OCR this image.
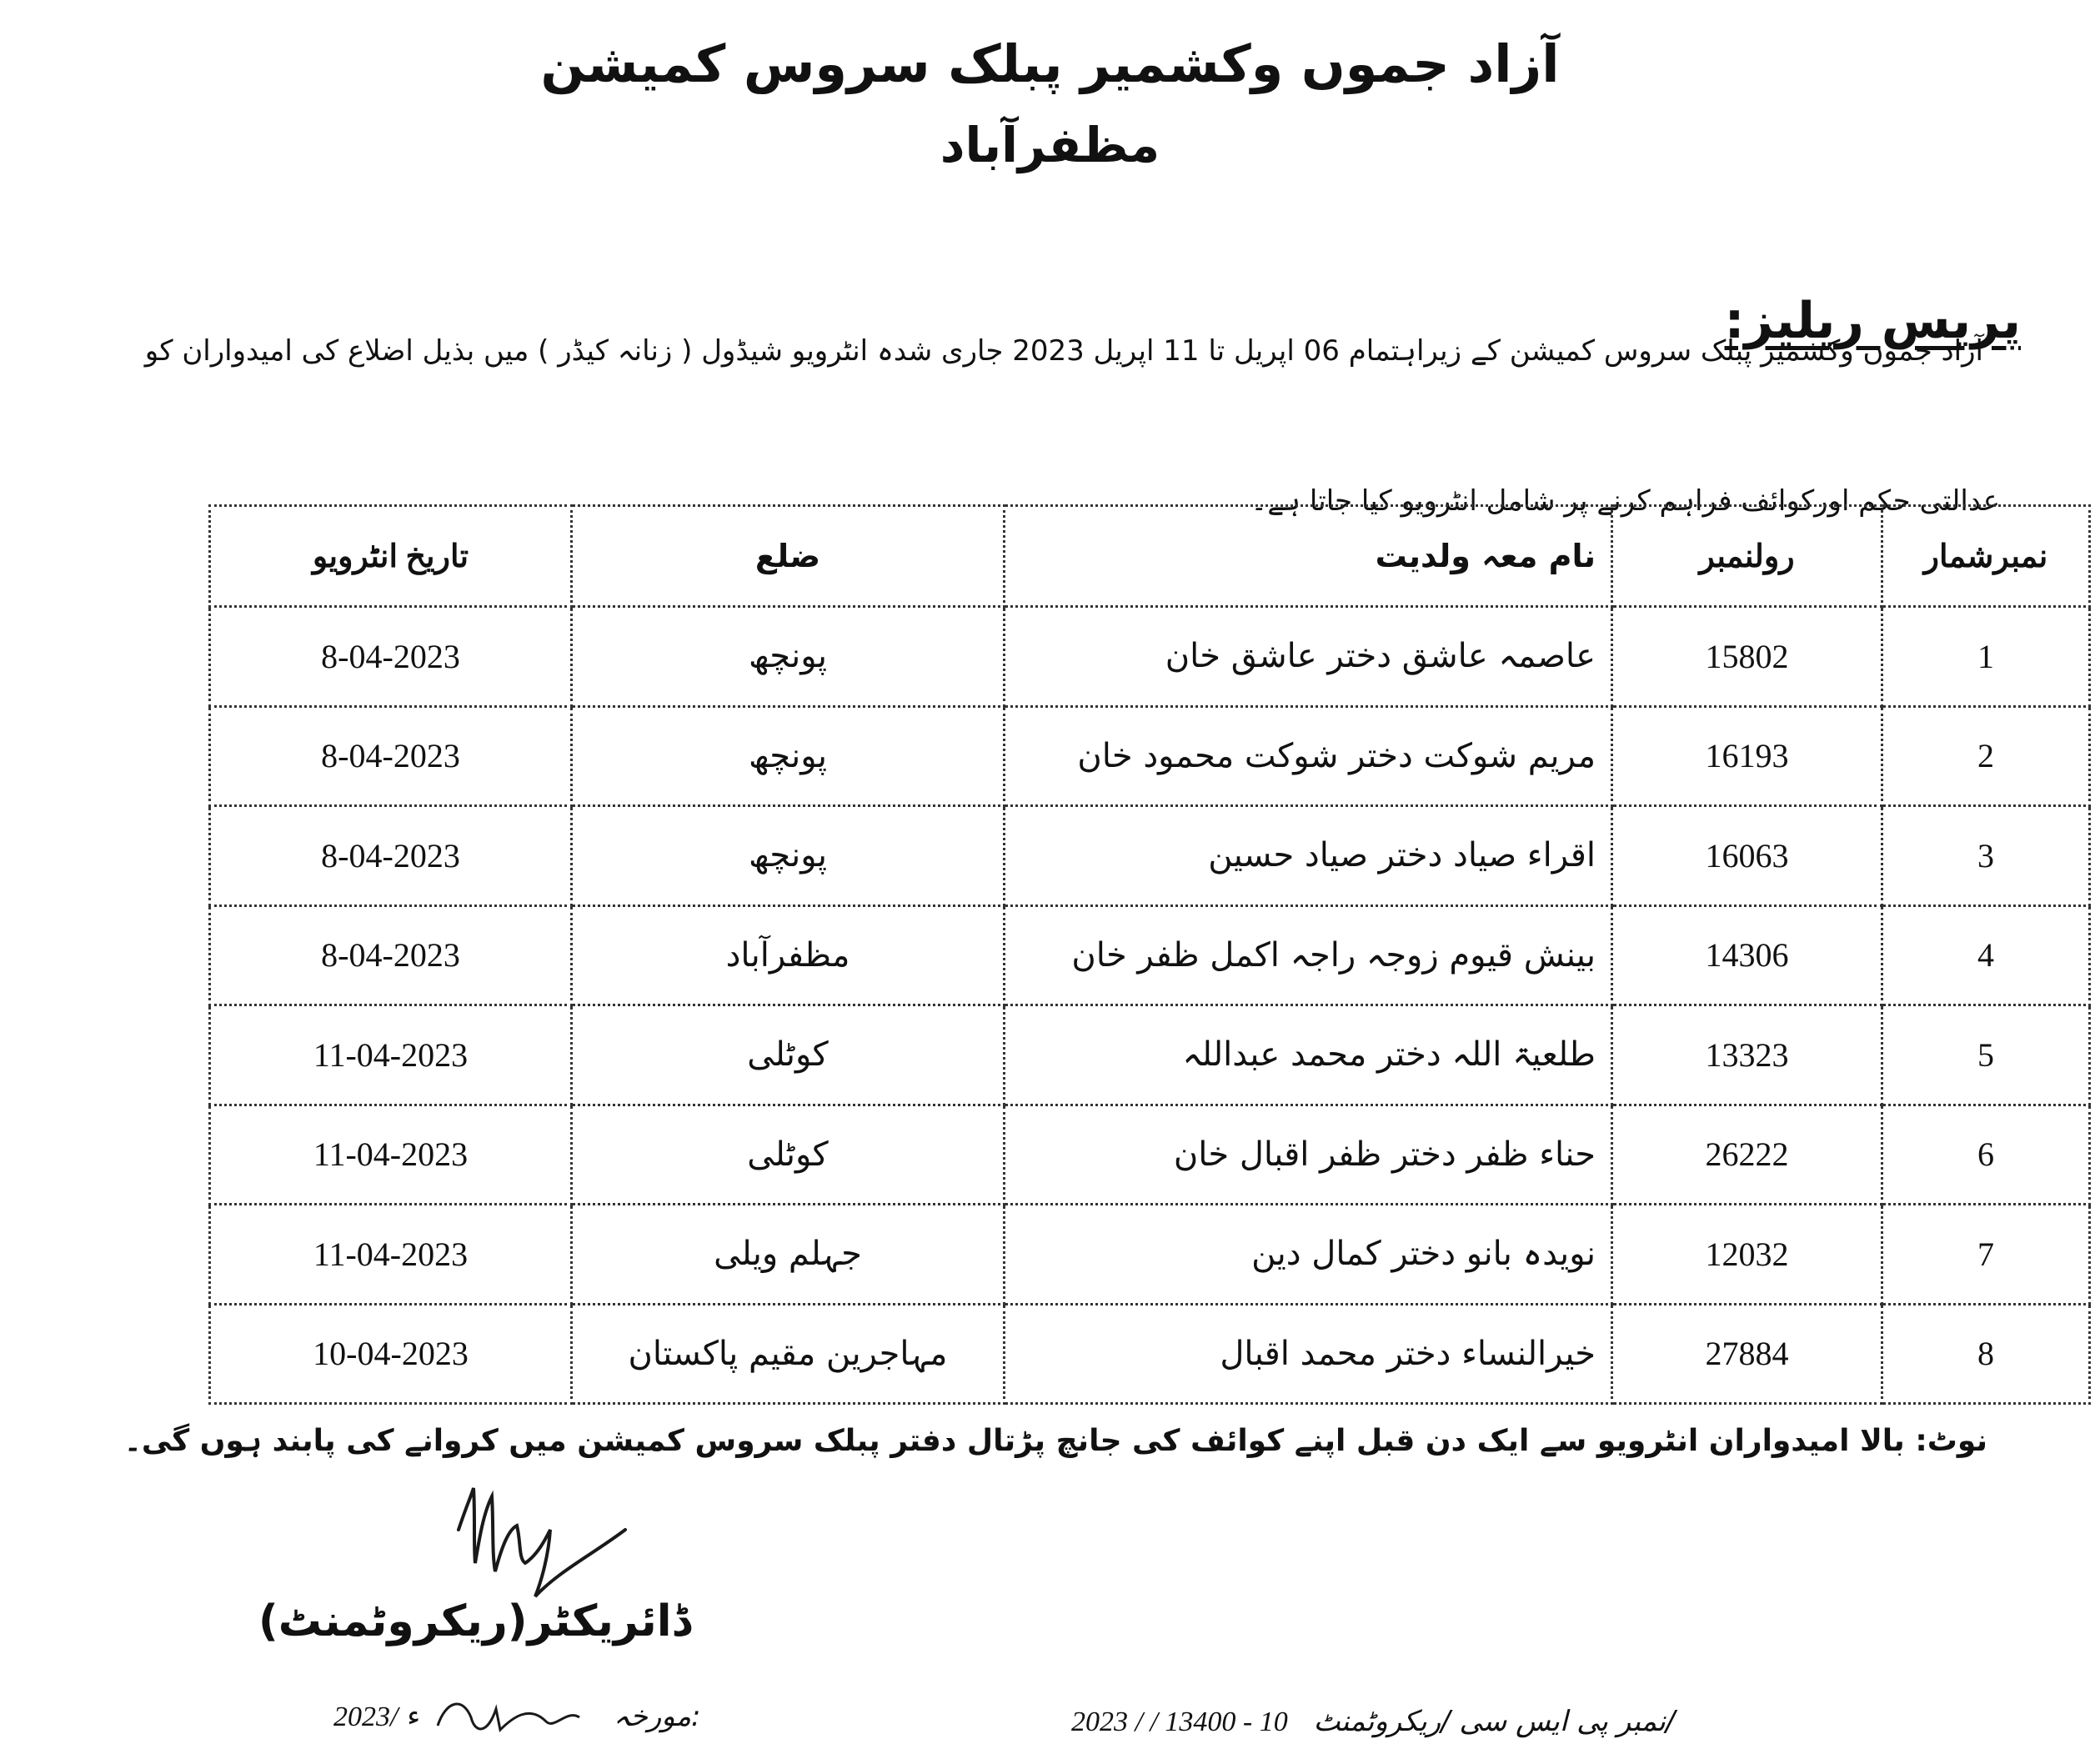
آزاد جموں وکشمیر پبلک سروس کمیشن
مظفرآباد
پریس ریلیز:
آزاد جموں وکشمیر پبلک سروس کمیشن کے زیراہتمام 06 اپریل تا 11 اپریل 2023 جاری شدہ انٹرویو شیڈول ( زنانہ کیڈر ) میں بذیل اضلاع کی امیدواران کو
عدالتی حکم اورکوائف فراہم کرنے پر شامل انٹرویو کیا جاتا ہے۔
تاریخ انٹرویو	ضلع	نام معہ ولدیت	رولنمبر	نمبرشمار
8-04-2023	پونچھ	عاصمہ عاشق دختر عاشق خان	15802	1
8-04-2023	پونچھ	مریم شوکت دختر شوکت محمود خان	16193	2
8-04-2023	پونچھ	اقراء صیاد دختر صیاد حسین	16063	3
8-04-2023	مظفرآباد	بینش قیوم زوجہ راجہ اکمل ظفر خان	14306	4
11-04-2023	کوٹلی	طلعیۃ اللہ دختر محمد عبداللہ	13323	5
11-04-2023	کوٹلی	حناء ظفر دختر ظفر اقبال خان	26222	6
11-04-2023	جہلم ویلی	نویدہ بانو دختر کمال دین	12032	7
10-04-2023	مہاجرین مقیم پاکستان	خیرالنساء دختر محمد اقبال	27884	8
نوٹ: بالا امیدواران انٹرویو سے ایک دن قبل اپنے کوائف کی جانچ پڑتال دفتر پبلک سروس کمیشن میں کروانے کی پابند ہوں گی۔
ڈائریکٹر(ریکروٹمنٹ)
2023/ ء	مورخہ:	2023 / / 13400 - 10 نمبر پی ایس سی /ریکروٹمنٹ/
